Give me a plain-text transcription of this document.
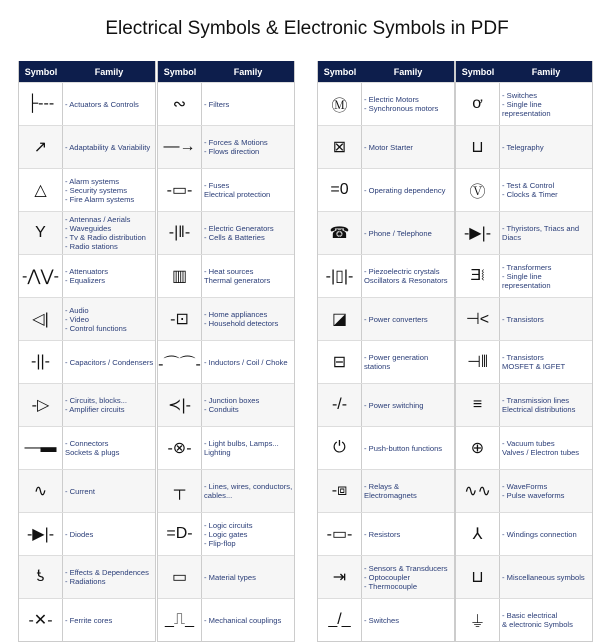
Electrical Symbols & Electronic Symbols in PDF
Symbol	Family
├---	- Actuators & Controls
↗	- Adaptability & Variability
△
- Alarm systems
- Security systems
- Fire Alarm systems
Y
- Antennas / Aerials
- Waveguides
- Tv & Radio distribution
- Radio stations
-⋀⋁- - Attenuators
- Equalizers
◁|
- Audio
- Video
- Control functions
-||-	- Capacitors / Condensers
-▷	- Circuits, blocks...
- Amplifier circuits
—▬	- Connectors
Sockets & plugs
∿	- Current
-▶|-	- Diodes
ƾ	- Effects & Dependences
- Radiations
-✕-	- Ferrite cores
Symbol	Family
∾	- Filters
—→	- Forces & Motions
- Flows direction
-▭-	- Fuses
Electrical protection
-|‖-	- Electric Generators
- Cells & Batteries
▥	- Heat sources
Thermal generators
-⊡	- Home appliances
- Household detectors
-⌒⌒- - Inductors / Coil / Choke
≺|-	- Junction boxes
- Conduits
-⊗-	- Light bulbs, Lamps...
Lighting
┬	- Lines, wires, conductors, cables...
=D-	- Logic circuits
- Logic gates
- Flip-flop
▭	- Material types
_⎍_	- Mechanical couplings
Symbol	Family
Ⓜ	- Electric Motors
- Synchronous motors
⊠	- Motor Starter
=0	- Operating dependency
☎	- Phone / Telephone
-|▯|-	- Piezoelectric crystals
Oscillators & Resonators
◪	- Power converters
⊟	- Power generation
stations
-/-	- Power switching
⏻	- Push-button functions
-⧈	- Relays &
Electromagnets
-▭-	- Resistors
⇥
- Sensors & Transducers
- Optocoupler
- Thermocouple
_/_	- Switches
Symbol	Family
ơ	- Switches
- Single line
representation
⊔	- Telegraphy
Ⓥ	- Test & Control
- Clocks & Timer
-▶|-	- Thyristors, Triacs and
Diacs
Ǝ⧙	- Transformers
- Single line
representation
⊣<	- Transistors
⊣⫴	- Transistors
MOSFET & IGFET
≡	- Transmission lines
Electrical distributions
⊕	- Vacuum tubes
Valves / Electron tubes
∿∿	- WaveForms
- Pulse waveforms
⅄	- Windings connection
⊔	- Miscellaneous symbols
⏚	- Basic electrical
& electronic Symbols
